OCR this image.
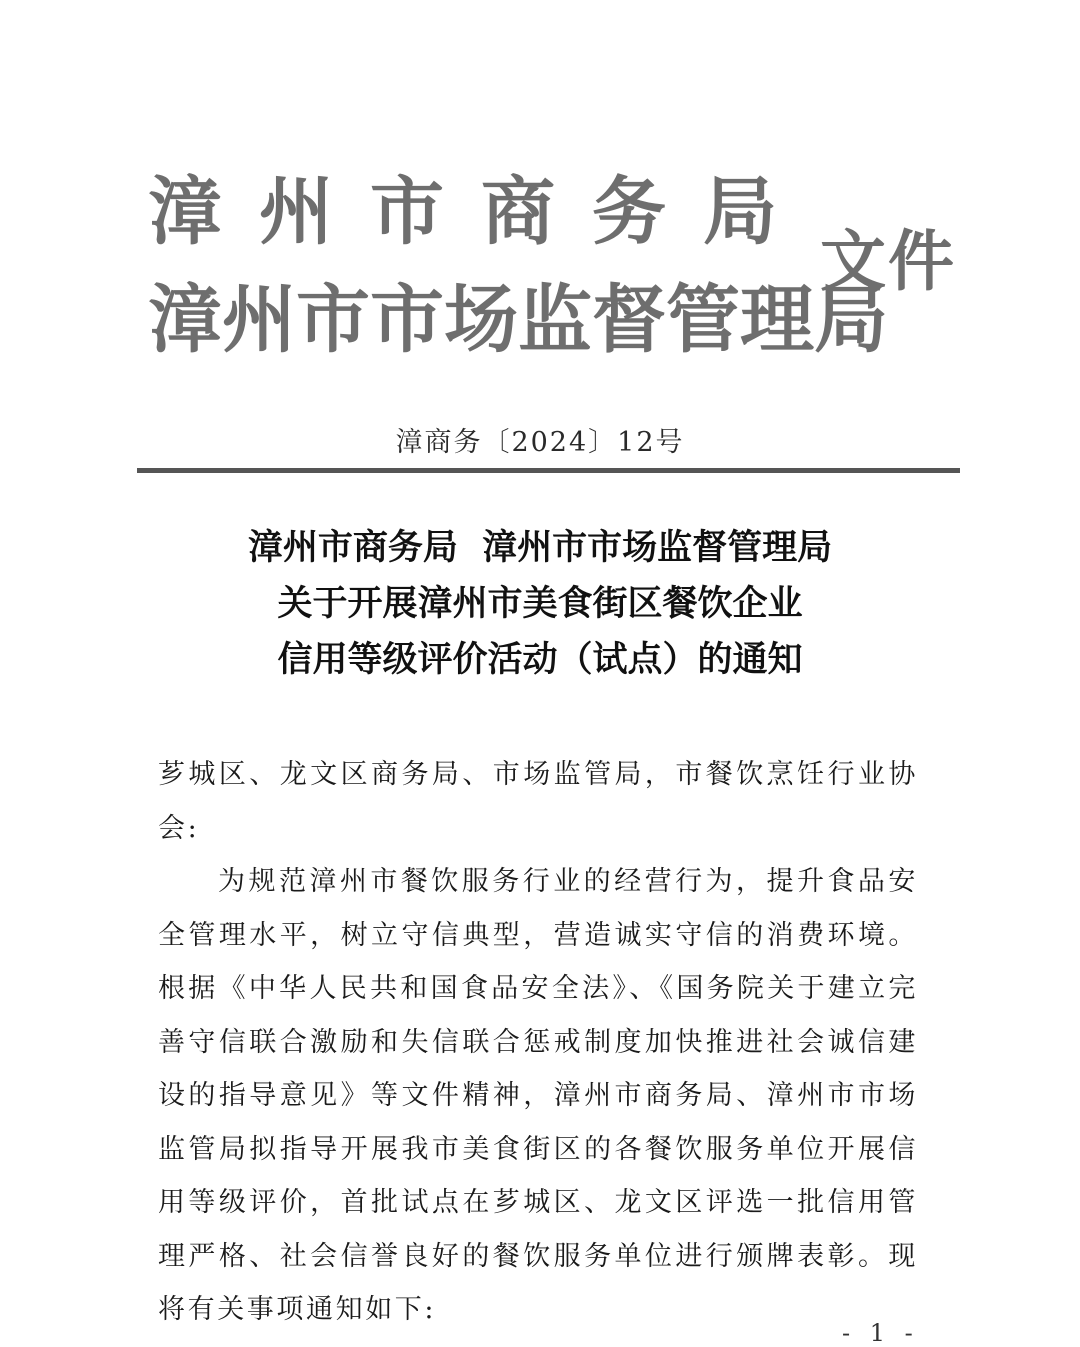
漳州市商务局
漳州市市场监督管理局
文件
漳商务〔2024〕12号
漳州市商务局  漳州市市场监督管理局
关于开展漳州市美食街区餐饮企业
信用等级评价活动（试点）的通知

芗城区、龙文区商务局、市场监管局，市餐饮烹饪行业协会:

为规范漳州市餐饮服务行业的经营行为，提升食品安全管理水平，树立守信典型，营造诚实守信的消费环境。根据《中华人民共和国食品安全法》、《国务院关于建立完善守信联合激励和失信联合惩戒制度加快推进社会诚信建设的指导意见》等文件精神，漳州市商务局、漳州市市场监管局拟指导开展我市美食街区的各餐饮服务单位开展信用等级评价，首批试点在芗城区、龙文区评选一批信用管理严格、社会信誉良好的餐饮服务单位进行颁牌表彰。现将有关事项通知如下:

- 1 -
